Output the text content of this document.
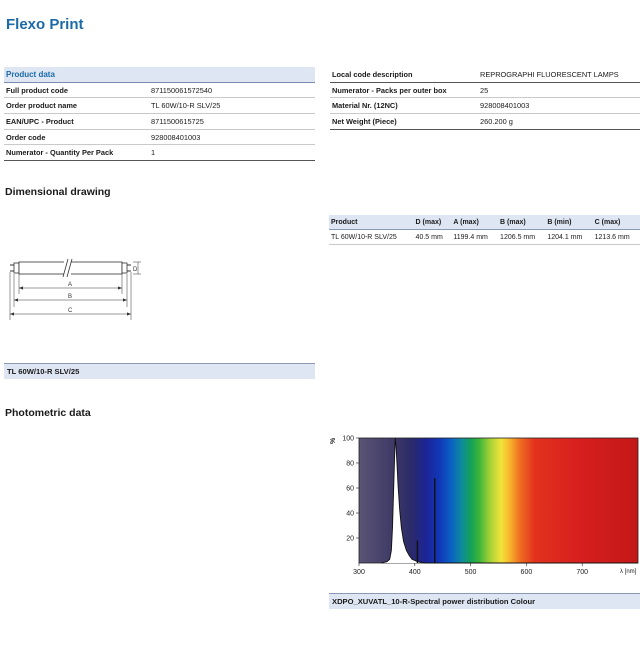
Flexo Print
Product data	
Full product code	871150061572540
Order product name	TL 60W/10-R SLV/25
EAN/UPC - Product	8711500615725
Order code	928008401003
Numerator - Quantity Per Pack	1
Local code description	REPROGRAPHI FLUORESCENT LAMPS
Numerator - Packs per outer box	25
Material Nr. (12NC)	928008401003
Net Weight (Piece)	260.200 g
Dimensional drawing
Product	D (max)	A (max)	B (max)	B (min)	C (max)
TL 60W/10-R SLV/25	40.5 mm	1199.4 mm	1206.5 mm	1204.1 mm	1213.6 mm
D
A
B
C
TL 60W/10-R SLV/25
Photometric data
%
λ [nm]
20
40
60
80
100
300	400	500	600	700
XDPO_XUVATL_10-R-Spectral power distribution Colour
